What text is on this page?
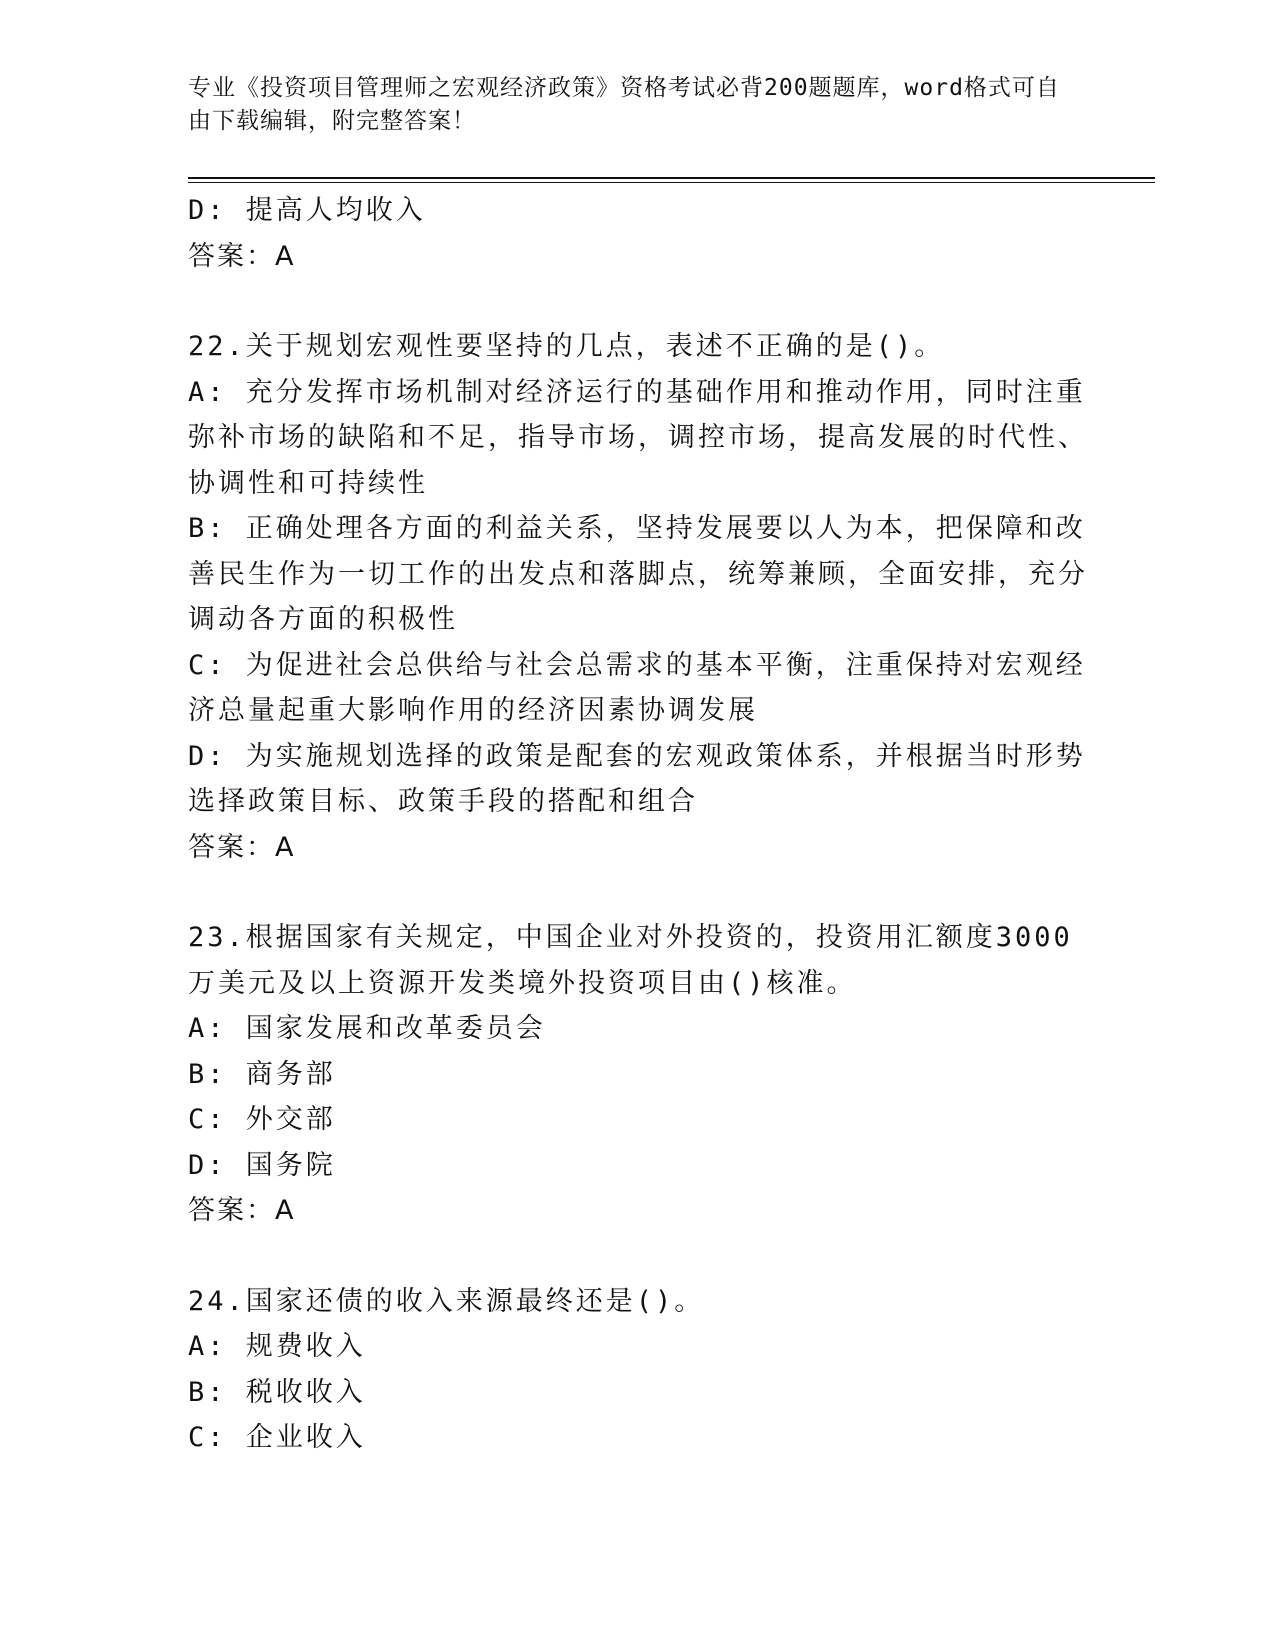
专业《投资项目管理师之宏观经济政策》资格考试必背200题题库，word格式可自由下载编辑，附完整答案！
D: 提高人均收入
答案：A
22.关于规划宏观性要坚持的几点，表述不正确的是()。
A: 充分发挥市场机制对经济运行的基础作用和推动作用，同时注重弥补市场的缺陷和不足，指导市场，调控市场，提高发展的时代性、协调性和可持续性
B: 正确处理各方面的利益关系，坚持发展要以人为本，把保障和改善民生作为一切工作的出发点和落脚点，统筹兼顾，全面安排，充分调动各方面的积极性
C: 为促进社会总供给与社会总需求的基本平衡，注重保持对宏观经济总量起重大影响作用的经济因素协调发展
D: 为实施规划选择的政策是配套的宏观政策体系，并根据当时形势选择政策目标、政策手段的搭配和组合
答案：A
23.根据国家有关规定，中国企业对外投资的，投资用汇额度3000万美元及以上资源开发类境外投资项目由()核准。
A: 国家发展和改革委员会
B: 商务部
C: 外交部
D: 国务院
答案：A
24.国家还债的收入来源最终还是()。
A: 规费收入
B: 税收收入
C: 企业收入
